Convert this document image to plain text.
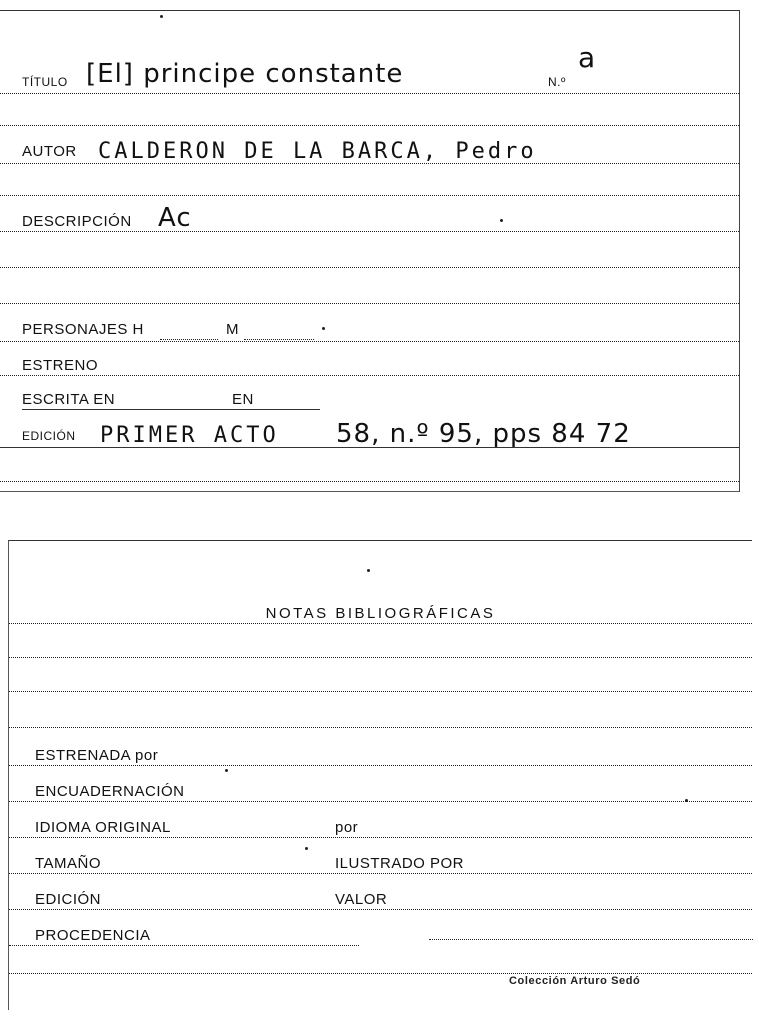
TÍTULO [El] principe constante	N.º
a
AUTOR CALDERON DE LA BARCA, Pedro
DESCRIPCIÓN Ac
PERSONAJES H	M
ESTRENO
ESCRITA EN	EN
EDICIÓN PRIMER ACTO 58, n.º 95, pps 84 72
NOTAS BIBLIOGRÁFICAS
ESTRENADA por
ENCUADERNACIÓN
IDIOMA ORIGINAL	por
TAMAÑO	ILUSTRADO POR
EDICIÓN	VALOR
PROCEDENCIA
Colección Arturo Sedó
